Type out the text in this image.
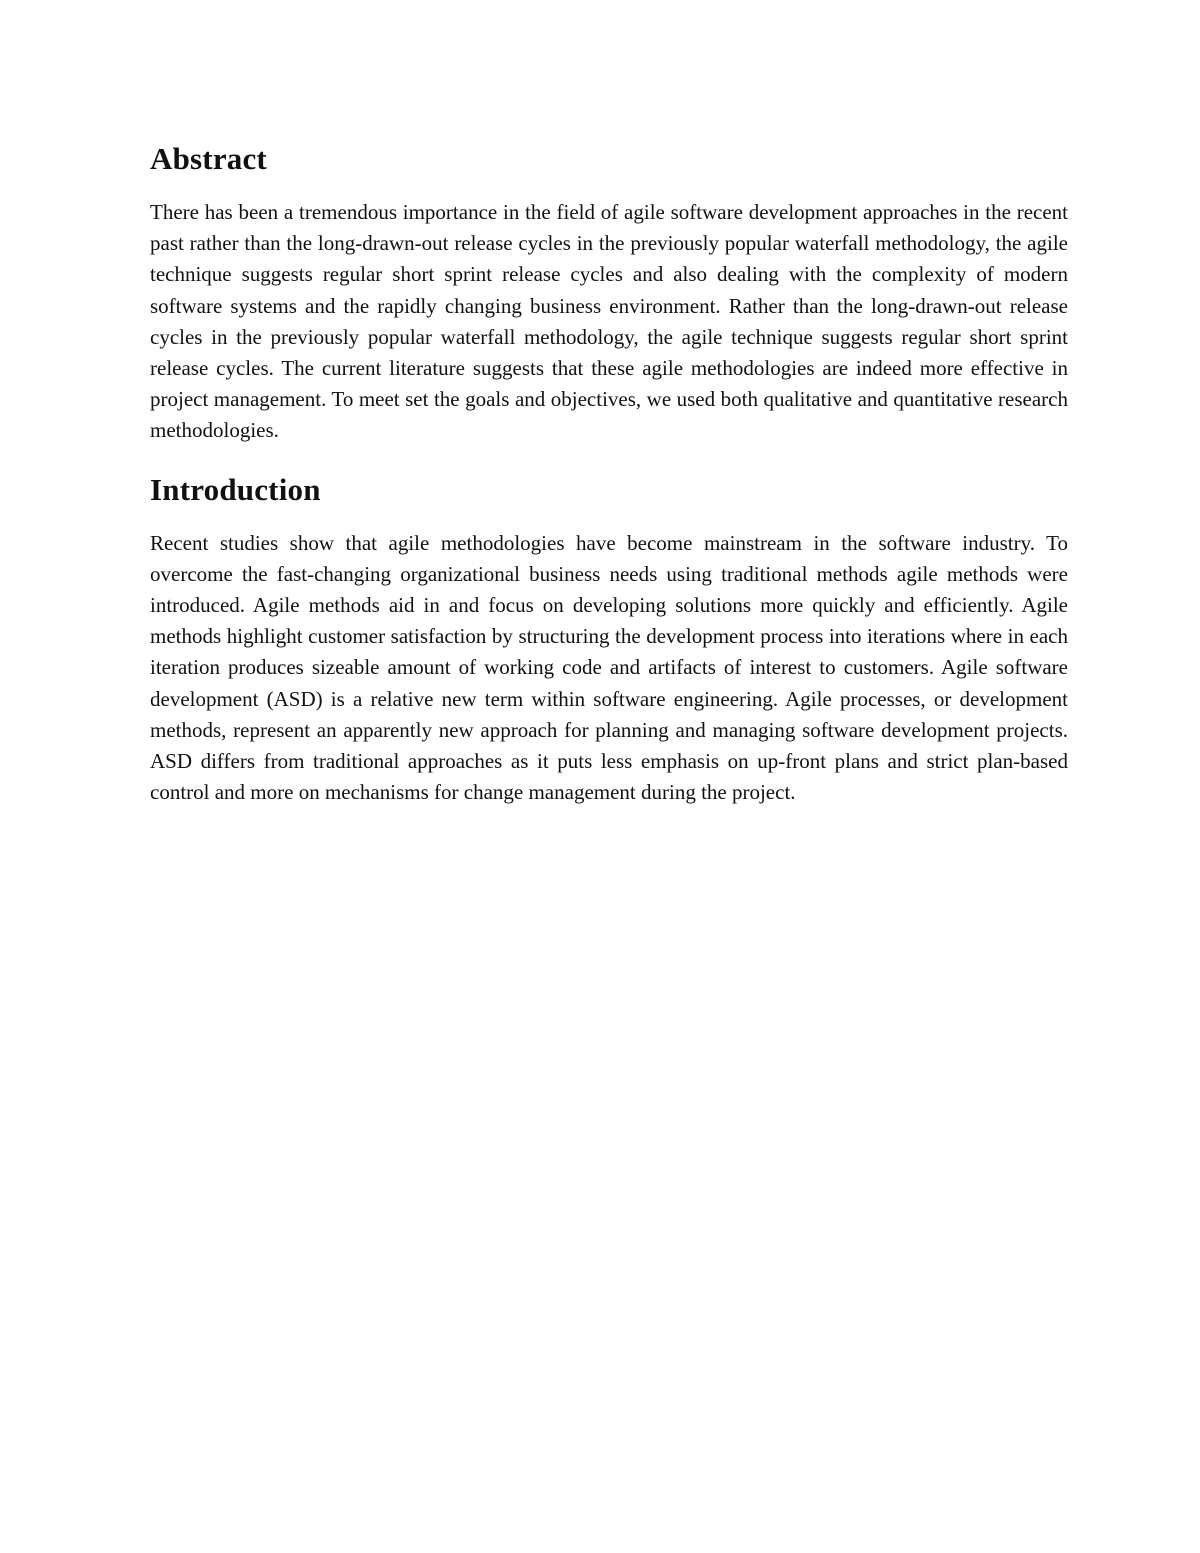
Abstract

There has been a tremendous importance in the field of agile software development approaches in the recent past rather than the long-drawn-out release cycles in the previously popular waterfall methodology, the agile technique suggests regular short sprint release cycles and also dealing with the complexity of modern software systems and the rapidly changing business environment. Rather than the long-drawn-out release cycles in the previously popular waterfall methodology, the agile technique suggests regular short sprint release cycles. The current literature suggests that these agile methodologies are indeed more effective in project management. To meet set the goals and objectives, we used both qualitative and quantitative research methodologies.

Introduction

Recent studies show that agile methodologies have become mainstream in the software industry. To overcome the fast-changing organizational business needs using traditional methods agile methods were introduced. Agile methods aid in and focus on developing solutions more quickly and efficiently. Agile methods highlight customer satisfaction by structuring the development process into iterations where in each iteration produces sizeable amount of working code and artifacts of interest to customers. Agile software development (ASD) is a relative new term within software engineering. Agile processes, or development methods, represent an apparently new approach for planning and managing software development projects. ASD differs from traditional approaches as it puts less emphasis on up-front plans and strict plan-based control and more on mechanisms for change management during the project.
